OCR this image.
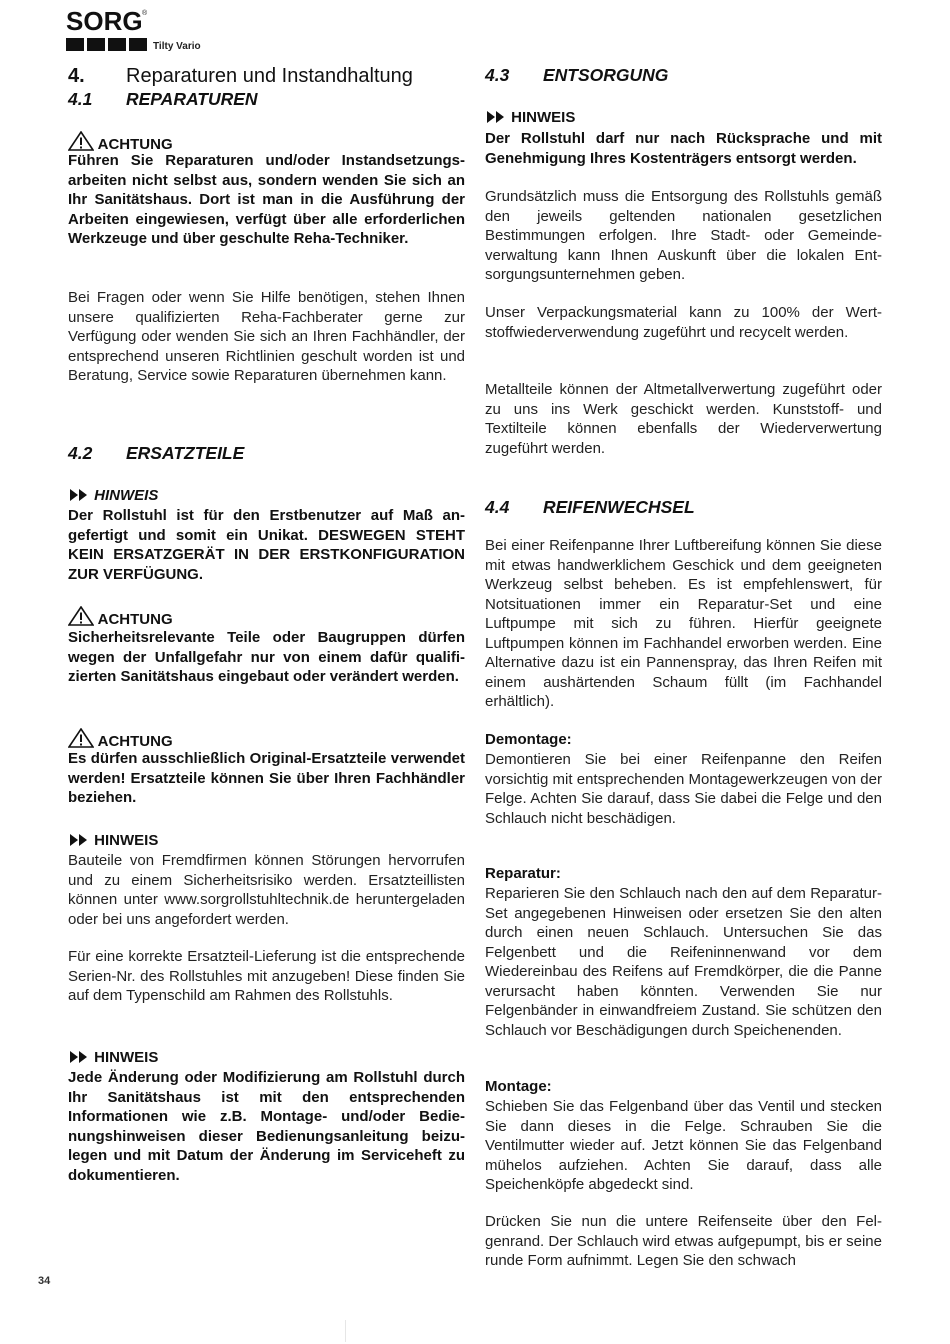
SORG ®
Tilty Vario
4. Reparaturen und Instandhaltung
4.1 REPARATUREN
ACHTUNG
Führen Sie Reparaturen und/oder Instandsetzungsarbeiten nicht selbst aus, sondern wenden Sie sich an Ihr Sanitätshaus. Dort ist man in die Ausführung der Arbeiten eingewiesen, verfügt über alle erforderlichen Werkzeuge und über geschulte Reha-Techniker.
Bei Fragen oder wenn Sie Hilfe benötigen, stehen Ihnen unsere qualifizierten Reha-Fachberater gerne zur Verfügung oder wenden Sie sich an Ihren Fachhändler, der entsprechend unseren Richtlinien geschult worden ist und Beratung, Service sowie Reparaturen übernehmen kann.
4.2 ERSATZTEILE
HINWEIS
Der Rollstuhl ist für den Erstbenutzer auf Maß angefertigt und somit ein Unikat. DESWEGEN STEHT KEIN ERSATZGERÄT IN DER ERSTKONFIGURATION ZUR VERFÜGUNG.
ACHTUNG
Sicherheitsrelevante Teile oder Baugruppen dürfen wegen der Unfallgefahr nur von einem dafür qualifizierten Sanitätshaus eingebaut oder verändert werden.
ACHTUNG
Es dürfen ausschließlich Original-Ersatzteile verwendet werden! Ersatzteile können Sie über Ihren Fachhändler beziehen.
HINWEIS
Bauteile von Fremdfirmen können Störungen hervorrufen und zu einem Sicherheitsrisiko werden. Ersatzteillisten können unter www.sorgrollstuhltechnik.de heruntergeladen oder bei uns angefordert werden.
Für eine korrekte Ersatzteil-Lieferung ist die entsprechende Serien-Nr. des Rollstuhles mit anzugeben! Diese finden Sie auf dem Typenschild am Rahmen des Rollstuhls.
HINWEIS
Jede Änderung oder Modifizierung am Rollstuhl durch Ihr Sanitätshaus ist mit den entsprechenden Informationen wie z.B. Montage- und/oder Bedienungshinweisen dieser Bedienungsanleitung beizulegen und mit Datum der Änderung im Serviceheft zu dokumentieren.
4.3 ENTSORGUNG
HINWEIS
Der Rollstuhl darf nur nach Rücksprache und mit Genehmigung Ihres Kostenträgers entsorgt werden.
Grundsätzlich muss die Entsorgung des Rollstuhls gemäß den jeweils geltenden nationalen gesetzlichen Bestimmungen erfolgen. Ihre Stadt- oder Gemeindeverwaltung kann Ihnen Auskunft über die lokalen Entsorgungsunternehmen geben.
Unser Verpackungsmaterial kann zu 100% der Wertstoffwiederverwendung zugeführt und recycelt werden.
Metallteile können der Altmetallverwertung zugeführt oder zu uns ins Werk geschickt werden. Kunststoff- und Textilteile können ebenfalls der Wiederverwertung zugeführt werden.
4.4 REIFENWECHSEL
Bei einer Reifenpanne Ihrer Luftbereifung können Sie diese mit etwas handwerklichem Geschick und dem geeigneten Werkzeug selbst beheben. Es ist empfehlenswert, für Notsituationen immer ein Reparatur-Set und eine Luftpumpe mit sich zu führen. Hierfür geeignete Luftpumpen können im Fachhandel erworben werden. Eine Alternative dazu ist ein Pannenspray, das Ihren Reifen mit einem aushärtenden Schaum füllt (im Fachhandel erhältlich).
Demontage:
Demontieren Sie bei einer Reifenpanne den Reifen vorsichtig mit entsprechenden Montagewerkzeugen von der Felge. Achten Sie darauf, dass Sie dabei die Felge und den Schlauch nicht beschädigen.
Reparatur:
Reparieren Sie den Schlauch nach den auf dem Reparatur-Set angegebenen Hinweisen oder ersetzen Sie den alten durch einen neuen Schlauch. Untersuchen Sie das Felgenbett und die Reifeninnenwand vor dem Wiedereinbau des Reifens auf Fremdkörper, die die Panne verursacht haben könnten. Verwenden Sie nur Felgenbänder in einwandfreiem Zustand. Sie schützen den Schlauch vor Beschädigungen durch Speichenenden.
Montage:
Schieben Sie das Felgenband über das Ventil und stecken Sie dann dieses in die Felge. Schrauben Sie die Ventilmutter wieder auf. Jetzt können Sie das Felgenband mühelos aufziehen. Achten Sie darauf, dass alle Speichenköpfe abgedeckt sind.
Drücken Sie nun die untere Reifenseite über den Felgenrand. Der Schlauch wird etwas aufgepumpt, bis er seine runde Form aufnimmt. Legen Sie den schwach
34
